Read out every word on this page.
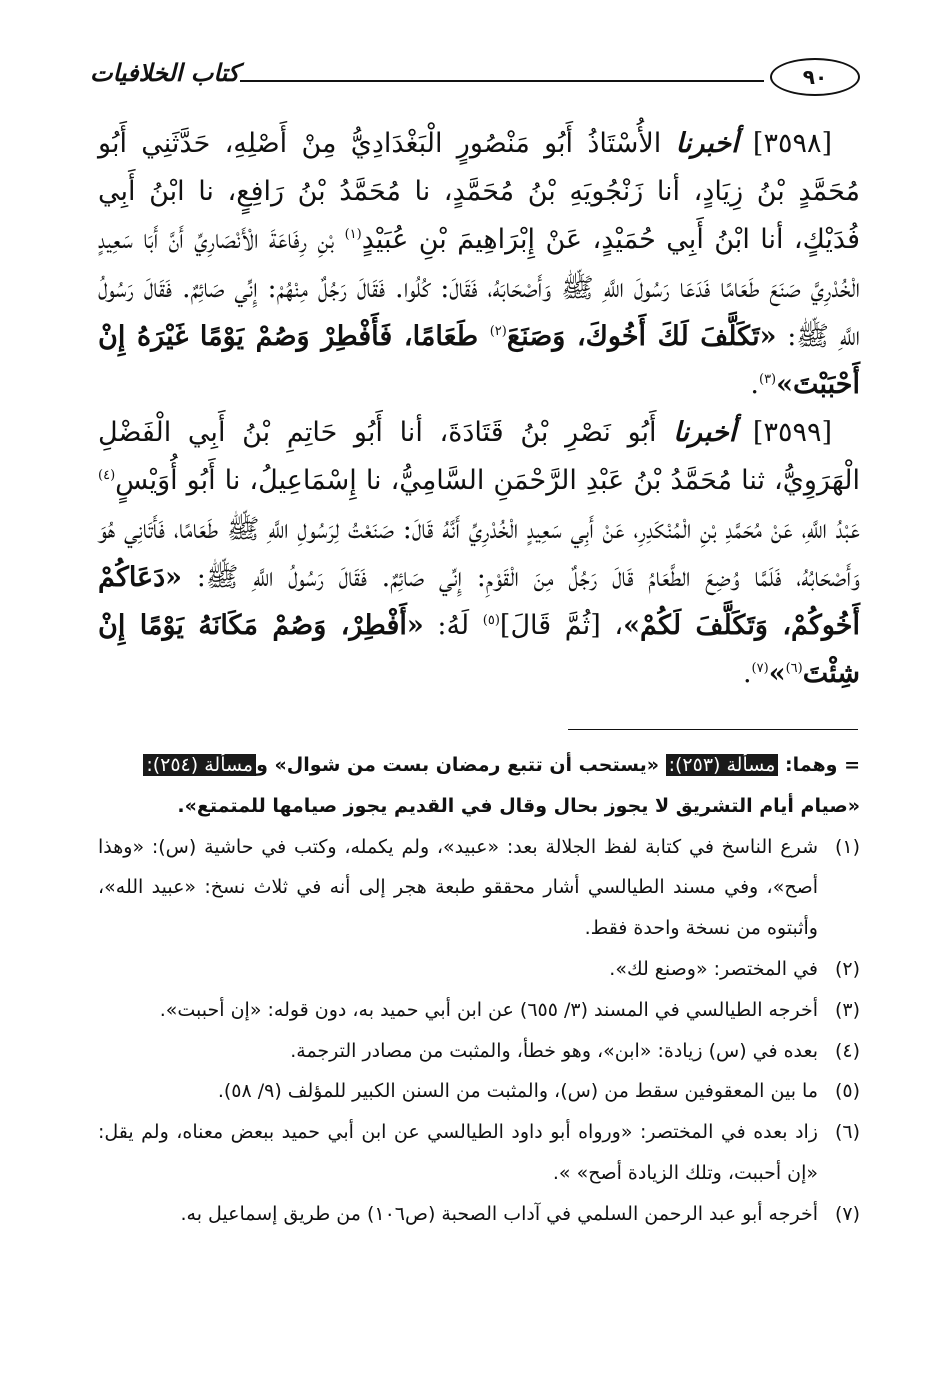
٩٠
كتاب الخلافيات

[٣٥٩٨] أخبرنا الأُسْتَاذُ أَبُو مَنْصُورٍ الْبَغْدَادِيُّ مِنْ أَصْلِهِ، حَدَّثَنِي أَبُو مُحَمَّدٍ بْنُ زِيَادٍ، أنا زَنْجُويَهِ بْنُ مُحَمَّدٍ، نا مُحَمَّدُ بْنُ رَافِعٍ، نا ابْنُ أَبِي فُدَيْكٍ، أنا ابْنُ أَبِي حُمَيْدٍ، عَنْ إِبْرَاهِيمَ بْنِ عُبَيْدٍ$^{(١)}$ بْنِ رِفَاعَةَ الْأَنْصَارِيِّ أَنَّ أَبَا سَعِيدٍ الْخُدْرِيَّ صَنَعَ طَعَامًا فَدَعَا رَسُولَ اللَّهِ ﷺ وَأَصْحَابَهُ، فَقَالَ: كُلُوا. فَقَالَ رَجُلٌ مِنْهُمْ: إِنِّي صَائِمٌ. فَقَالَ رَسُولُ اللَّهِ ﷺ: «تَكَلَّفَ لَكَ أَخُوكَ، وَصَنَعَ$^{(٢)}$ طَعَامًا، فَأَفْطِرْ وَصُمْ يَوْمًا غَيْرَهُ إِنْ أَحْبَبْتَ»$^{(٣)}$.

[٣٥٩٩] أخبرنا أَبُو نَصْرِ بْنُ قَتَادَةَ، أنا أَبُو حَاتِمِ بْنُ أَبِي الْفَضْلِ الْهَرَوِيُّ، ثنا مُحَمَّدُ بْنُ عَبْدِ الرَّحْمَنِ السَّامِيُّ، نا إِسْمَاعِيلُ، نا أَبُو أُوَيْسٍ$^{(٤)}$ عَبْدُ اللَّهِ، عَنْ مُحَمَّدِ بْنِ الْمُنْكَدِرِ، عَنْ أَبِي سَعِيدٍ الْخُدْرِيِّ أَنَّهُ قَالَ: صَنَعْتُ لِرَسُولِ اللَّهِ ﷺ طَعَامًا، فَأَتَانِي هُوَ وَأَصْحَابُهُ، فَلَمَّا وُضِعَ الطَّعَامُ قَالَ رَجُلٌ مِنَ الْقَوْمِ: إِنِّي صَائِمٌ. فَقَالَ رَسُولُ اللَّهِ ﷺ: «دَعَاكُمْ أَخُوكُمْ، وَتَكَلَّفَ لَكُمْ»، [ثُمَّ قَالَ]$^{(٥)}$ لَهُ: «أَفْطِرْ، وَصُمْ مَكَانَهُ يَوْمًا إِنْ شِئْتَ$^{(٦)}$»$^{(٧)}$.

= وهما: مسألة (٢٥٣): «يستحب أن تتبع رمضان بست من شوال» ومسألة (٢٥٤): «صيام أيام التشريق لا يجوز بحال وقال في القديم يجوز صيامها للمتمتع».

(١)
شرع الناسخ في كتابة لفظ الجلالة بعد: «عبيد»، ولم يكمله، وكتب في حاشية (س): «وهذا أصح»، وفي مسند الطيالسي أشار محققو طبعة هجر إلى أنه في ثلاث نسخ: «عبيد الله»، وأثبتوه من نسخة واحدة فقط.
(٢)
في المختصر: «وصنع لك».
(٣)
أخرجه الطيالسي في المسند (٣/ ٦٥٥) عن ابن أبي حميد به، دون قوله: «إن أحببت».
(٤)
بعده في (س) زيادة: «ابن»، وهو خطأ، والمثبت من مصادر الترجمة.
(٥)
ما بين المعقوفين سقط من (س)، والمثبت من السنن الكبير للمؤلف (٩/ ٥٨).
(٦)
زاد بعده في المختصر: «ورواه أبو داود الطيالسي عن ابن أبي حميد ببعض معناه، ولم يقل: «إن أحببت، وتلك الزيادة أصح» ».
(٧)
أخرجه أبو عبد الرحمن السلمي في آداب الصحبة (ص١٠٦) من طريق إسماعيل به.
